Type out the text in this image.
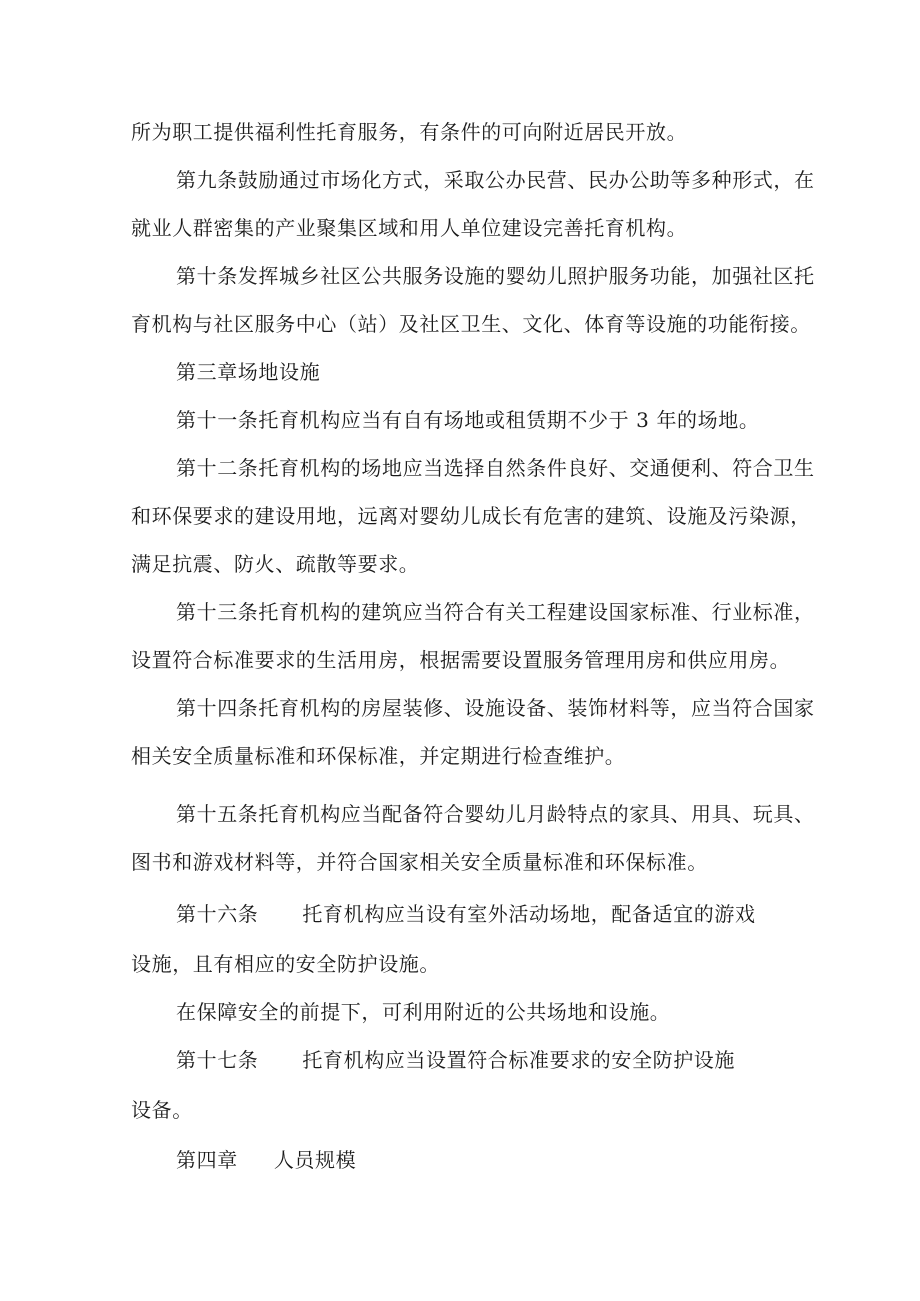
所为职工提供福利性托育服务，有条件的可向附近居民开放。
第九条鼓励通过市场化方式，采取公办民营、民办公助等多种形式，在
就业人群密集的产业聚集区域和用人单位建设完善托育机构。
第十条发挥城乡社区公共服务设施的婴幼儿照护服务功能，加强社区托
育机构与社区服务中心（站）及社区卫生、文化、体育等设施的功能衔接。
第三章场地设施
第十一条托育机构应当有自有场地或租赁期不少于 3 年的场地。
第十二条托育机构的场地应当选择自然条件良好、交通便利、符合卫生
和环保要求的建设用地，远离对婴幼儿成长有危害的建筑、设施及污染源，
满足抗震、防火、疏散等要求。
第十三条托育机构的建筑应当符合有关工程建设国家标准、行业标准，
设置符合标准要求的生活用房，根据需要设置服务管理用房和供应用房。
第十四条托育机构的房屋装修、设施设备、装饰材料等，应当符合国家
相关安全质量标准和环保标准，并定期进行检查维护。
第十五条托育机构应当配备符合婴幼儿月龄特点的家具、用具、玩具、
图书和游戏材料等，并符合国家相关安全质量标准和环保标准。
第十六条 托育机构应当设有室外活动场地，配备适宜的游戏
设施，且有相应的安全防护设施。
在保障安全的前提下，可利用附近的公共场地和设施。
第十七条 托育机构应当设置符合标准要求的安全防护设施
设备。
第四章 人员规模
